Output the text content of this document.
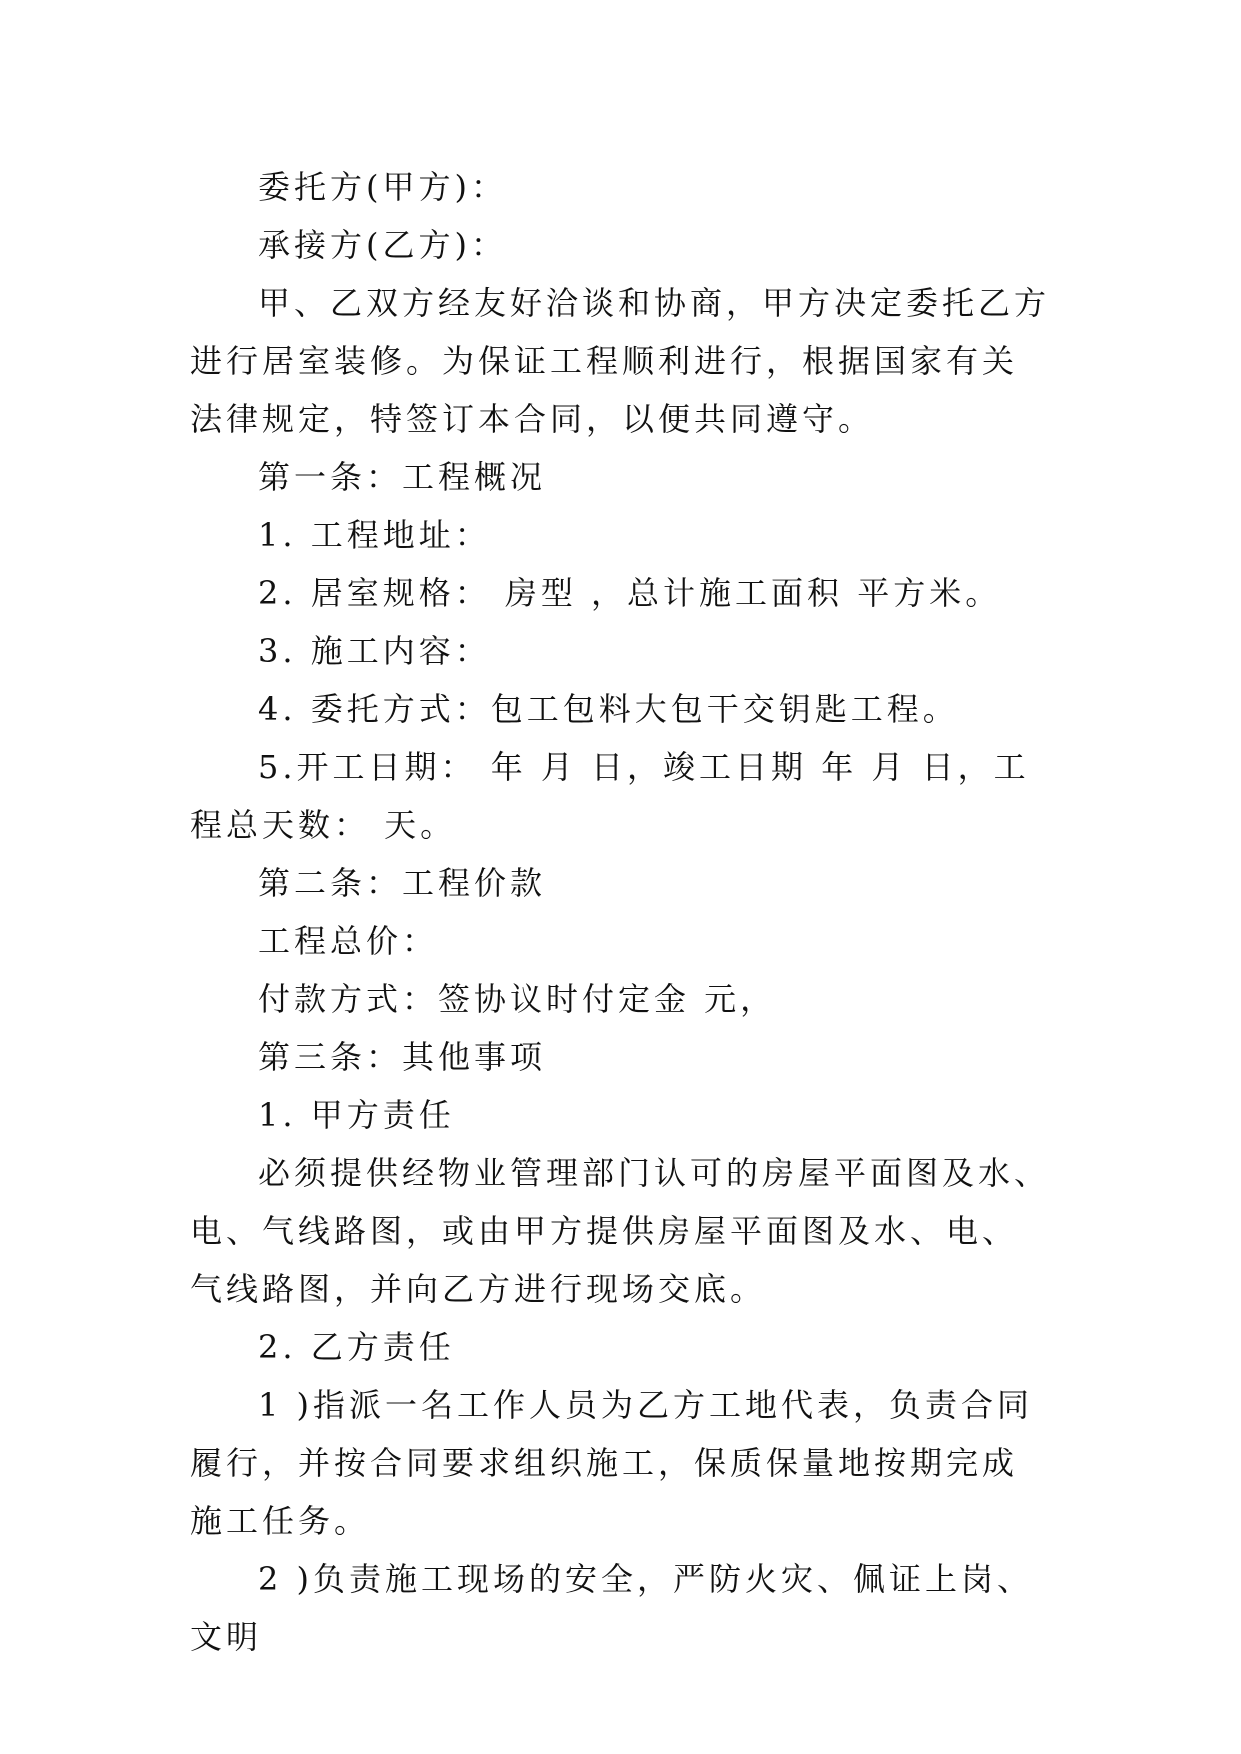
委托方(甲方)：

承接方(乙方)：

甲、乙双方经友好洽谈和协商，甲方决定委托乙方进行居室装修。为保证工程顺利进行，根据国家有关法律规定，特签订本合同，以便共同遵守。

第一条：工程概况

1. 工程地址：

2. 居室规格： 房型 ，总计施工面积 平方米。

3. 施工内容：

4. 委托方式：包工包料大包干交钥匙工程。

5.开工日期： 年 月 日，竣工日期 年 月 日，工程总天数： 天。

第二条：工程价款

工程总价：

付款方式：签协议时付定金 元，

第三条：其他事项

1. 甲方责任

必须提供经物业管理部门认可的房屋平面图及水、电、气线路图，或由甲方提供房屋平面图及水、电、气线路图，并向乙方进行现场交底。

2. 乙方责任

1 )指派一名工作人员为乙方工地代表，负责合同履行，并按合同要求组织施工，保质保量地按期完成施工任务。

2 )负责施工现场的安全，严防火灾、佩证上岗、文明
